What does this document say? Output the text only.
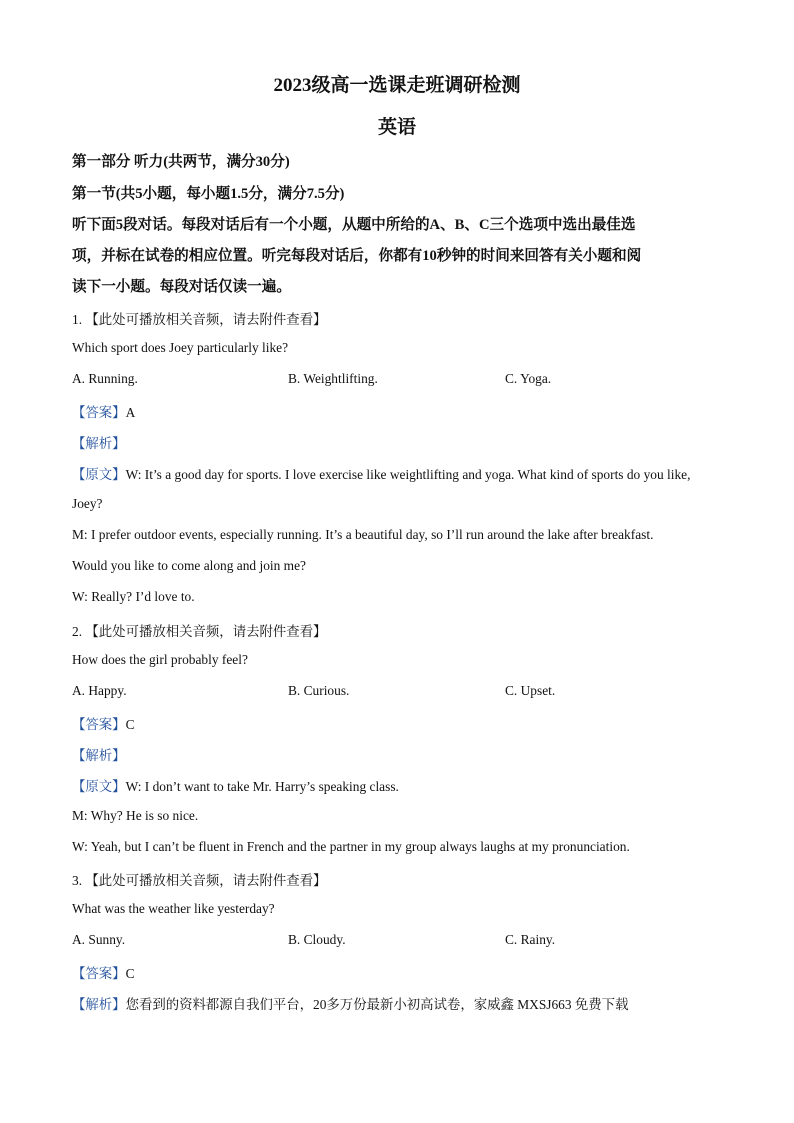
2023级高一选课走班调研检测
英语
第一部分 听力(共两节，满分30分)
第一节(共5小题，每小题1.5分，满分7.5分)
听下面5段对话。每段对话后有一个小题，从题中所给的A、B、C三个选项中选出最佳选
项，并标在试卷的相应位置。听完每段对话后，你都有10秒钟的时间来回答有关小题和阅
读下一小题。每段对话仅读一遍。
1. 【此处可播放相关音频，请去附件查看】
Which sport does Joey particularly like?
A. Running.	B. Weightlifting.	C. Yoga.
【答案】A
【解析】
【原文】W: It’s a good day for sports. I love exercise like weightlifting and yoga. What kind of sports do you like,
Joey?
M: I prefer outdoor events, especially running. It’s a beautiful day, so I’ll run around the lake after breakfast.
Would you like to come along and join me?
W: Really? I’d love to.
2. 【此处可播放相关音频，请去附件查看】
How does the girl probably feel?
A. Happy.	B. Curious.	C. Upset.
【答案】C
【解析】
【原文】W: I don’t want to take Mr. Harry’s speaking class.
M: Why? He is so nice.
W: Yeah, but I can’t be fluent in French and the partner in my group always laughs at my pronunciation.
3. 【此处可播放相关音频，请去附件查看】
What was the weather like yesterday?
A. Sunny.	B. Cloudy.	C. Rainy.
【答案】C
【解析】您看到的资料都源自我们平台，20多万份最新小初高试卷，家威鑫 MXSJ663 免费下载
